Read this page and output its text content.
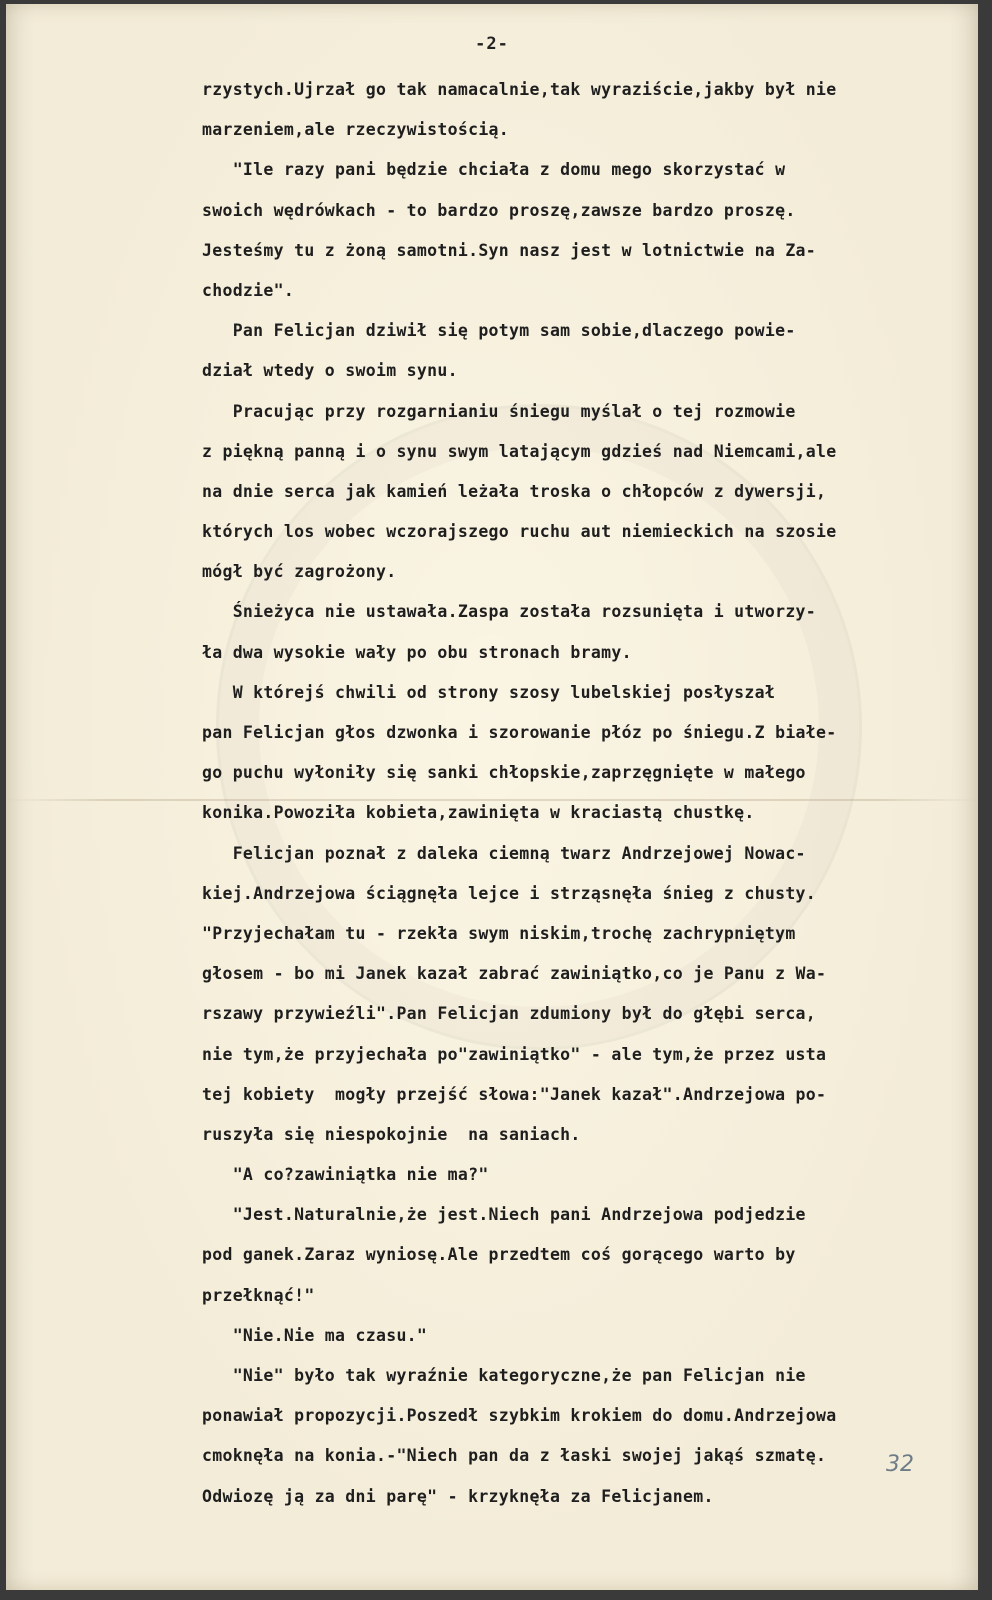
-2-
rzystych.Ujrzał go tak namacalnie,tak wyraziście,jakby był nie
marzeniem,ale rzeczywistością.
"Ile razy pani będzie chciała z domu mego skorzystać w
swoich wędrówkach - to bardzo proszę,zawsze bardzo proszę.
Jesteśmy tu z żoną samotni.Syn nasz jest w lotnictwie na Za-
chodzie".
Pan Felicjan dziwił się potym sam sobie,dlaczego powie-
dział wtedy o swoim synu.
Pracując przy rozgarnianiu śniegu myślał o tej rozmowie
z piękną panną i o synu swym latającym gdzieś nad Niemcami,ale
na dnie serca jak kamień leżała troska o chłopców z dywersji,
których los wobec wczorajszego ruchu aut niemieckich na szosie
mógł być zagrożony.
Śnieżyca nie ustawała.Zaspa została rozsunięta i utworzy-
ła dwa wysokie wały po obu stronach bramy.
W którejś chwili od strony szosy lubelskiej posłyszał
pan Felicjan głos dzwonka i szorowanie płóz po śniegu.Z białe-
go puchu wyłoniły się sanki chłopskie,zaprzęgnięte w małego
konika.Powoziła kobieta,zawinięta w kraciastą chustkę.
Felicjan poznał z daleka ciemną twarz Andrzejowej Nowac-
kiej.Andrzejowa ściągnęła lejce i strząsnęła śnieg z chusty.
"Przyjechałam tu - rzekła swym niskim,trochę zachrypniętym
głosem - bo mi Janek kazał zabrać zawiniątko,co je Panu z Wa-
rszawy przywieźli".Pan Felicjan zdumiony był do głębi serca,
nie tym,że przyjechała po"zawiniątko" - ale tym,że przez usta
tej kobiety  mogły przejść słowa:"Janek kazał".Andrzejowa po-
ruszyła się niespokojnie  na saniach.
"A co?zawiniątka nie ma?"
"Jest.Naturalnie,że jest.Niech pani Andrzejowa podjedzie
pod ganek.Zaraz wyniosę.Ale przedtem coś gorącego warto by
przełknąć!"
"Nie.Nie ma czasu."
"Nie" było tak wyraźnie kategoryczne,że pan Felicjan nie
ponawiał propozycji.Poszedł szybkim krokiem do domu.Andrzejowa
cmoknęła na konia.-"Niech pan da z łaski swojej jakąś szmatę.
Odwiozę ją za dni parę" - krzyknęła za Felicjanem.
32
